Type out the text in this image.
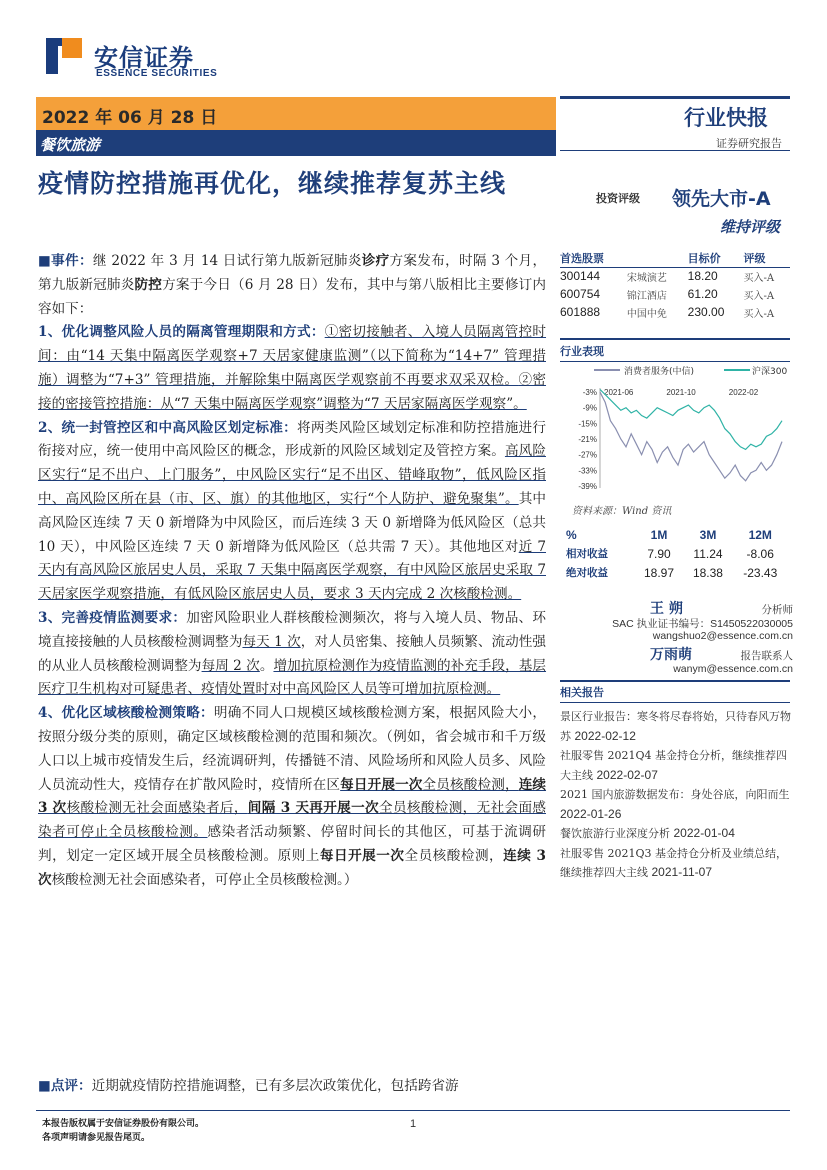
安信证券
ESSENCE SECURITIES
2022 年 06 月 28 日
餐饮旅游
行业快报
证券研究报告
疫情防控措施再优化，继续推荐复苏主线
投资评级 领先大市-A
维持评级

■事件：继 2022 年 3 月 14 日试行第九版新冠肺炎诊疗方案发布，时隔 3 个月，第九版新冠肺炎防控方案于今日（6 月 28 日）发布，其中与第八版相比主要修订内容如下：

1、优化调整风险人员的隔离管理期限和方式：①密切接触者、入境人员隔离管控时间：由“14 天集中隔离医学观察+7 天居家健康监测”（以下简称为“14+7” 管理措施）调整为“7+3” 管理措施，并解除集中隔离医学观察前不再要求双采双检。②密接的密接管控措施：从“7 天集中隔离医学观察”调整为“7 天居家隔离医学观察”。

2、统一封管控区和中高风险区划定标准：将两类风险区域划定标准和防控措施进行衔接对应，统一使用中高风险区的概念，形成新的风险区域划定及管控方案。高风险区实行“足不出户、上门服务”，中风险区实行“足不出区、错峰取物”，低风险区指中、高风险区所在县（市、区、旗）的其他地区，实行“个人防护、避免聚集”。其中高风险区连续 7 天 0 新增降为中风险区，而后连续 3 天 0 新增降为低风险区（总共 10 天），中风险区连续 7 天 0 新增降为低风险区（总共需 7 天）。其他地区对近 7 天内有高风险区旅居史人员，采取 7 天集中隔离医学观察，有中风险区旅居史采取 7 天居家医学观察措施，有低风险区旅居史人员，要求 3 天内完成 2 次核酸检测。

3、完善疫情监测要求：加密风险职业人群核酸检测频次，将与入境人员、物品、环境直接接触的人员核酸检测调整为每天 1 次，对人员密集、接触人员频繁、流动性强的从业人员核酸检测调整为每周 2 次。增加抗原检测作为疫情监测的补充手段，基层医疗卫生机构对可疑患者、疫情处置时对中高风险区人员等可增加抗原检测。

4、优化区域核酸检测策略：明确不同人口规模区域核酸检测方案，根据风险大小，按照分级分类的原则，确定区域核酸检测的范围和频次。（例如，省会城市和千万级人口以上城市疫情发生后，经流调研判，传播链不清、风险场所和风险人员多、风险人员流动性大，疫情存在扩散风险时，疫情所在区每日开展一次全员核酸检测，连续 3 次核酸检测无社会面感染者后，间隔 3 天再开展一次全员核酸检测，无社会面感染者可停止全员核酸检测。感染者活动频繁、停留时间长的其他区，可基于流调研判，划定一定区域开展全员核酸检测。原则上每日开展一次全员核酸检测，连续 3 次核酸检测无社会面感染者，可停止全员核酸检测。）

■点评：近期就疫情防控措施调整，已有多层次政策优化，包括跨省游
首选股票		目标价	评级
300144	宋城演艺	18.20	买入-A
600754	锦江酒店	61.20	买入-A
601888	中国中免	230.00	买入-A
行业表现
消费者服务(中信)	沪深300
-3%
-9%
-15%
-21%
-27%
-33%
-39%
2021-06	2021-10	2022-02
资料来源：Wind 资讯
%	1M	3M	12M
相对收益	7.90	11.24	-8.06
绝对收益	18.97	18.38	-23.43
王 朔	分析师
SAC 执业证书编号：S1450522030005
wangshuo2@essence.com.cn
万雨萌	报告联系人
wanym@essence.com.cn
相关报告
景区行业报告：寒冬将尽春将始，只待春风万物苏 2022-02-12
社服零售 2021Q4 基金持仓分析，继续推荐四大主线 2022-02-07
2021 国内旅游数据发布：身处谷底，向阳而生 2022-01-26
餐饮旅游行业深度分析 2022-01-04
社服零售 2021Q3 基金持仓分析及业绩总结，继续推荐四大主线 2021-11-07
本报告版权属于安信证券股份有限公司。
各项声明请参见报告尾页。
1
